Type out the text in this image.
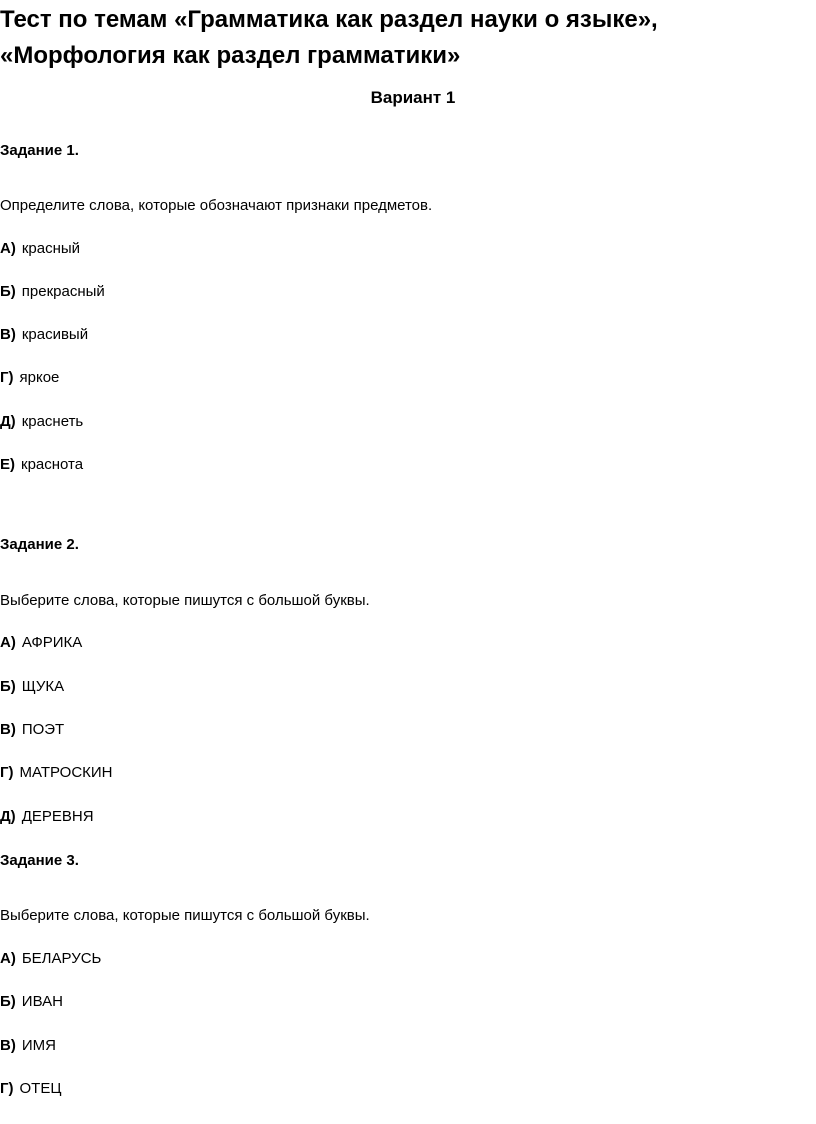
Тест по темам «Грамматика как раздел науки о языке»,
«Морфология как раздел грамматики»
Вариант 1
Задание 1.
Определите слова, которые обозначают признаки предметов.
А) красный
Б) прекрасный
В) красивый
Г) яркое
Д) краснеть
Е) краснота
Задание 2.
Выберите слова, которые пишутся с большой буквы.
А) АФРИКА
Б) ЩУКА
В) ПОЭТ
Г) МАТРОСКИН
Д) ДЕРЕВНЯ
Задание 3.
Выберите слова, которые пишутся с большой буквы.
А) БЕЛАРУСЬ
Б) ИВАН
В) ИМЯ
Г) ОТЕЦ
